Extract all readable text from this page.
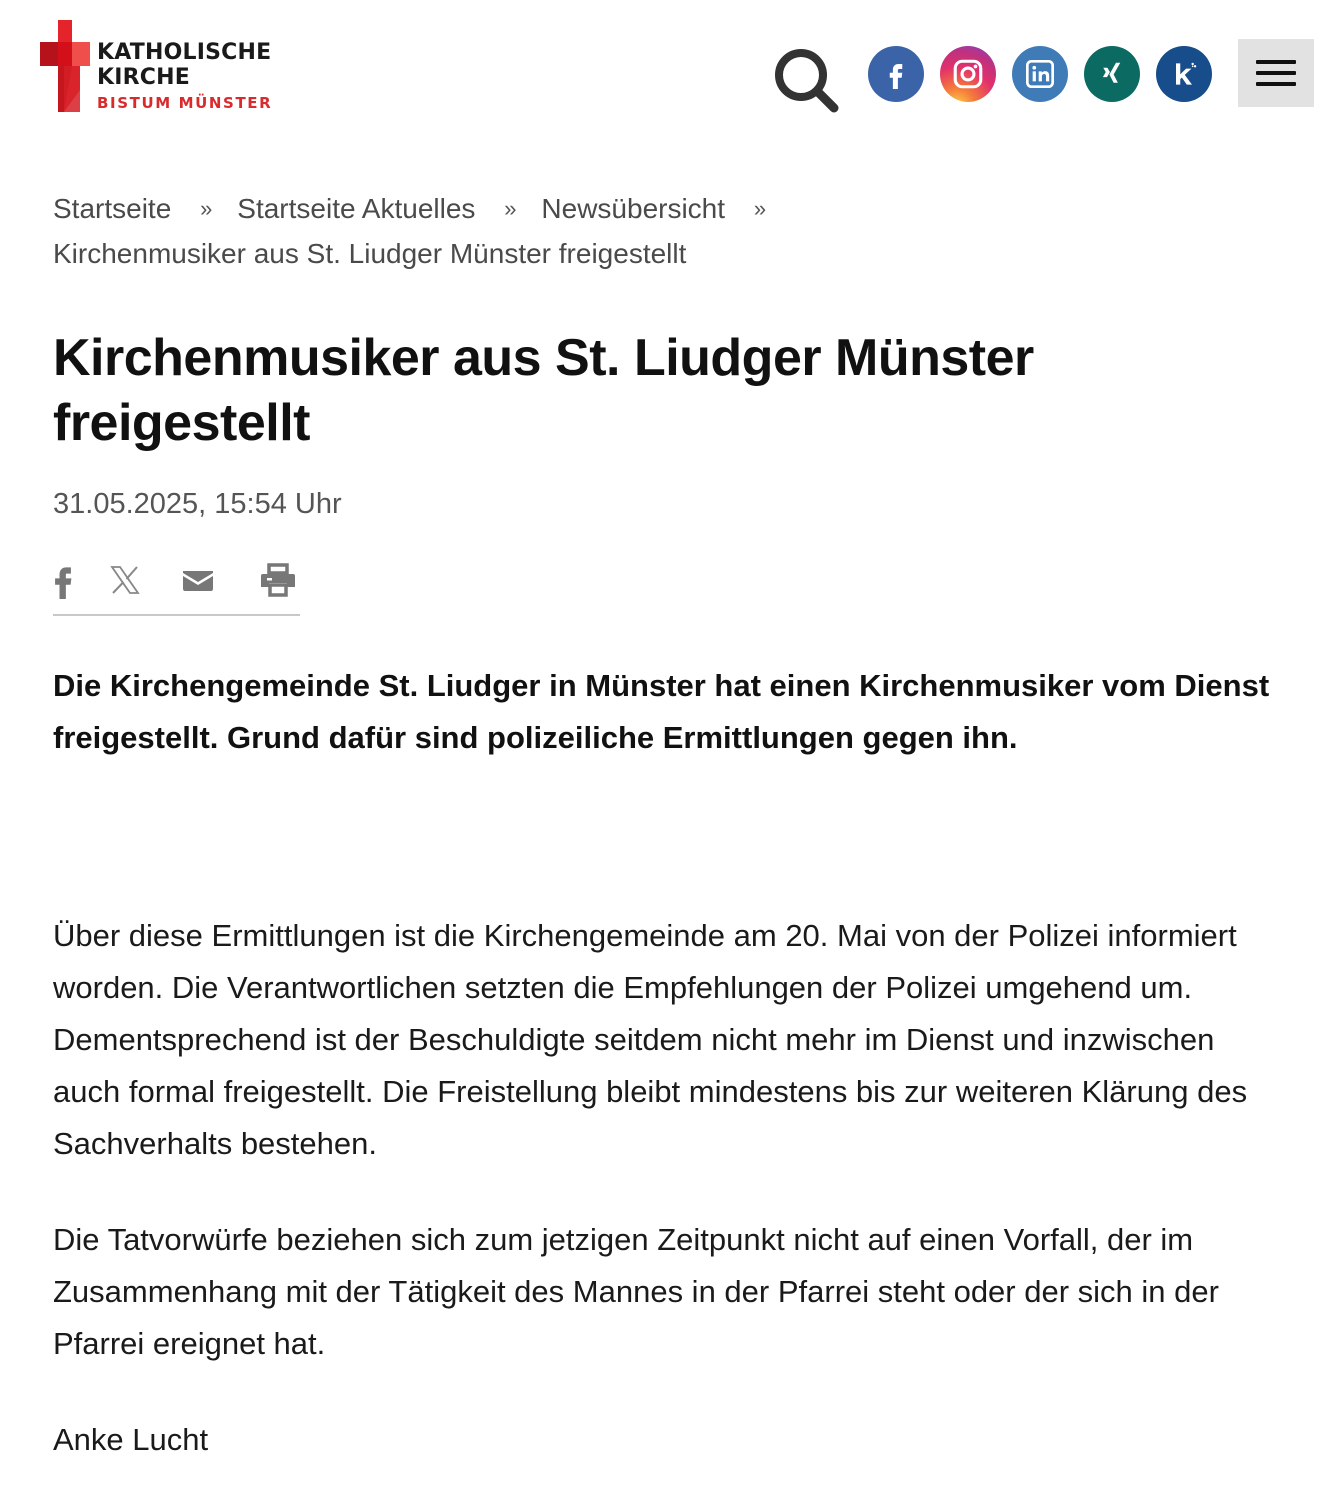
KATHOLISCHE
KIRCHE
BISTUM MÜNSTER
Startseite » Startseite Aktuelles » Newsübersicht »
Kirchenmusiker aus St. Liudger Münster freigestellt
Kirchenmusiker aus St. Liudger Münster
freigestellt
31.05.2025, 15:54 Uhr

Die Kirchengemeinde St. Liudger in Münster hat einen Kirchenmusiker vom Dienst freigestellt. Grund dafür sind polizeiliche Ermittlungen gegen ihn.

Über diese Ermittlungen ist die Kirchengemeinde am 20. Mai von der Polizei informiert worden. Die Verantwortlichen setzten die Empfehlungen der Polizei umgehend um. Dementsprechend ist der Beschuldigte seitdem nicht mehr im Dienst und inzwischen auch formal freigestellt. Die Freistellung bleibt mindestens bis zur weiteren Klärung des Sachverhalts bestehen.

Die Tatvorwürfe beziehen sich zum jetzigen Zeitpunkt nicht auf einen Vorfall, der im Zusammenhang mit der Tätigkeit des Mannes in der Pfarrei steht oder der sich in der Pfarrei ereignet hat.

Anke Lucht
